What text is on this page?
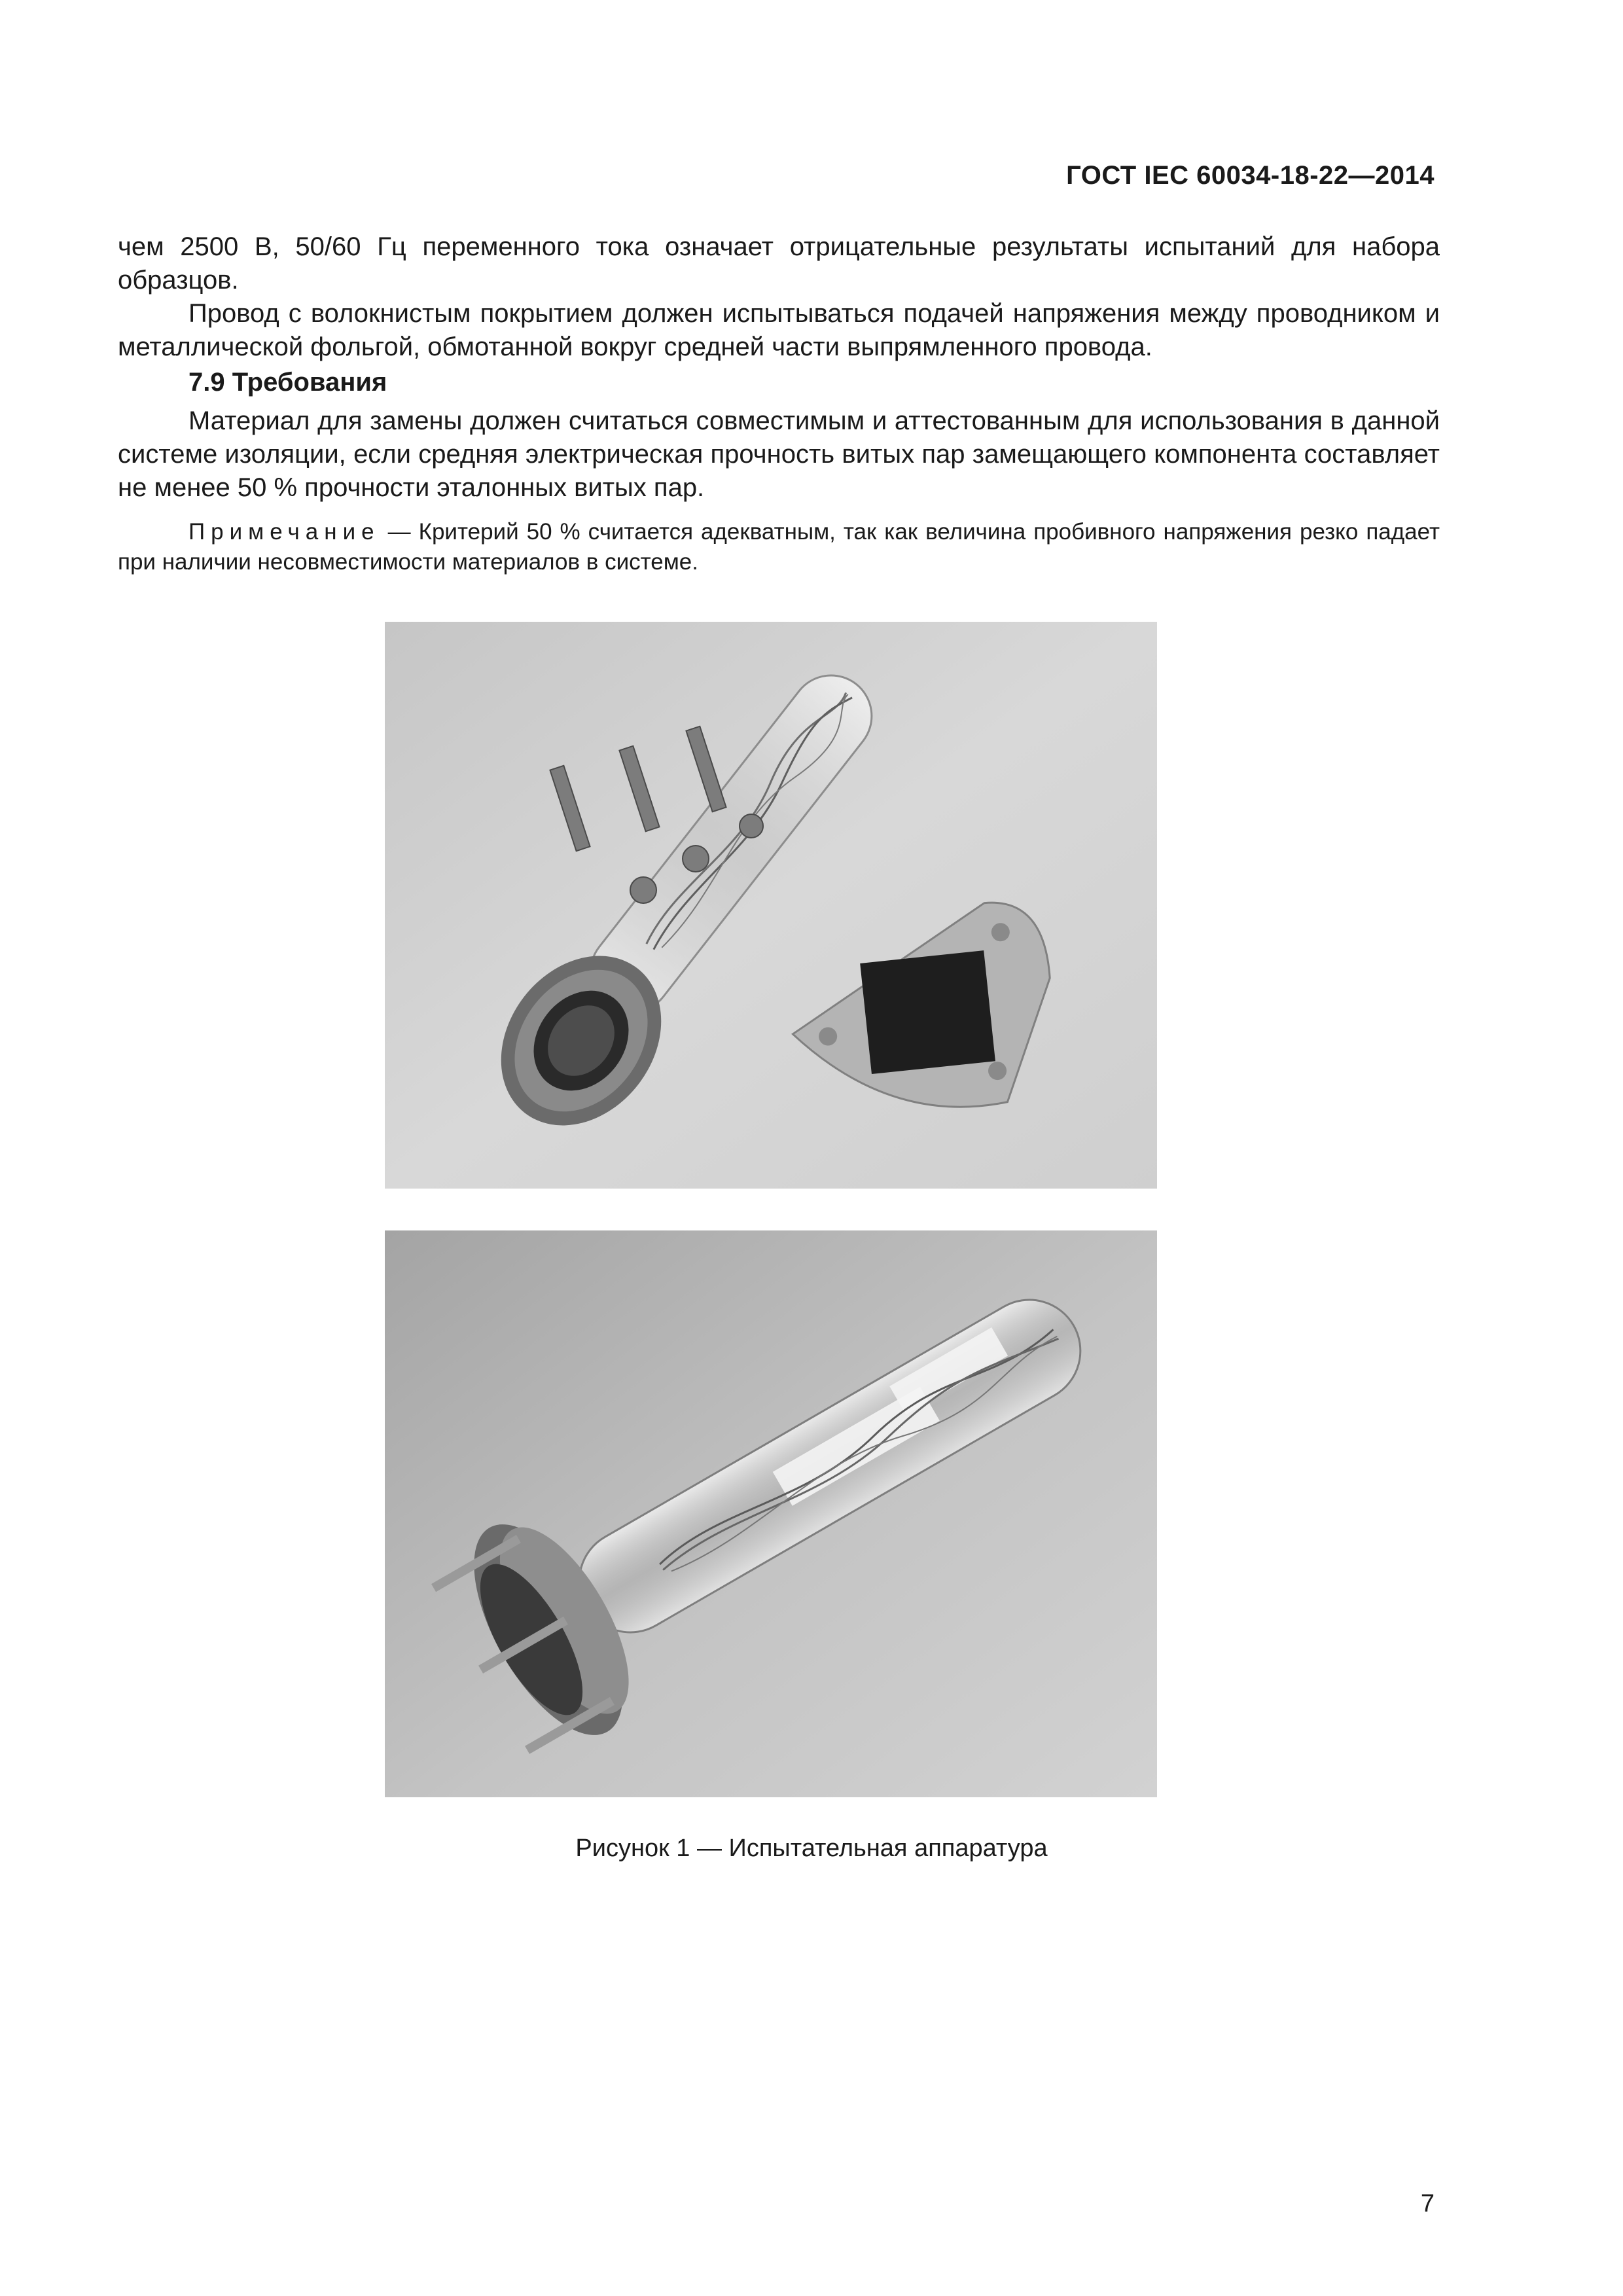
ГОСТ IEC 60034-18-22—2014
чем 2500 В, 50/60 Гц переменного тока означает отрицательные результаты испытаний для набора образцов.
Провод с волокнистым покрытием должен испытываться подачей напряжения между проводником и металлической фольгой, обмотанной вокруг средней части выпрямленного провода.
7.9 Требования
Материал для замены должен считаться совместимым и аттестованным для использования в данной системе изоляции, если средняя электрическая прочность витых пар замещающего компонента составляет не менее 50 % прочности эталонных витых пар.
Примечание — Критерий 50 % считается адекватным, так как величина пробивного напряжения резко падает при наличии несовместимости материалов в системе.
Рисунок 1 — Испытательная аппаратура
7
